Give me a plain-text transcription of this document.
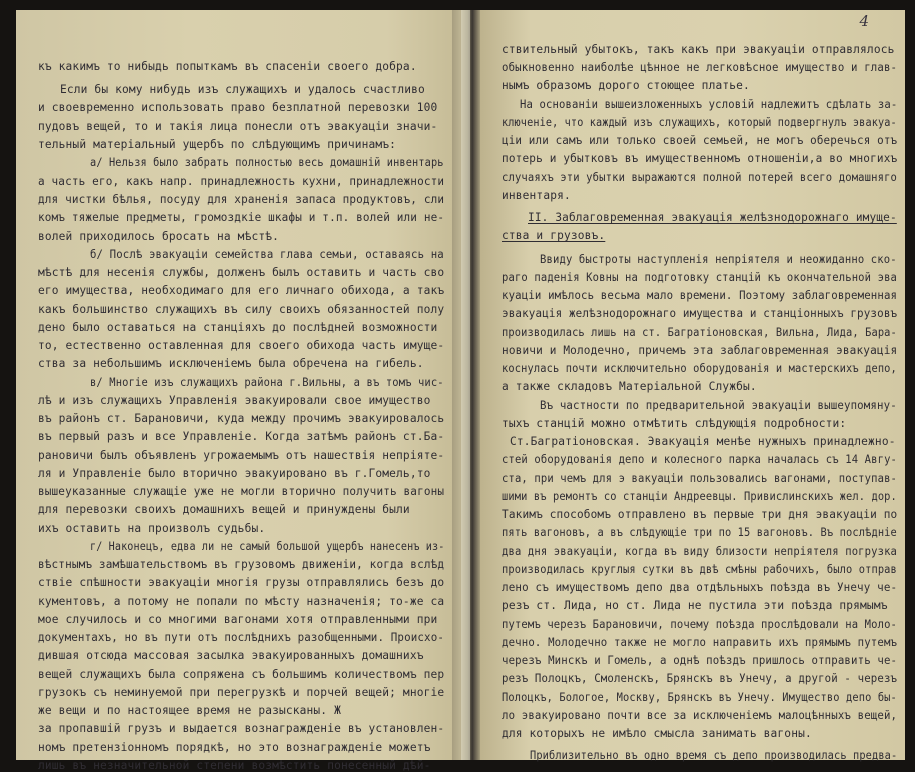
къ какимъ то нибыдь попыткамъ въ спасеніи своего добра.
Если бы кому нибудь изъ служащихъ и удалось счастливо
и своевременно использовать право безплатной перевозки 100
пудовъ вещей, то и такія лица понесли отъ эвакуаціи значи-
тельный матеріальный ущербъ по слѣдующимъ причинамъ:
а/ Нельзя было забрать полностью весь домашній инвентарь
а часть его, какъ напр. принадлежность кухни, принадлежности
для чистки бѣлья, посуду для храненія запаса продуктовъ, сли
комъ тяжелые предметы, громоздкіе шкафы и т.п. волей или не-
волей приходилось бросать на мѣстѣ.
б/ Послѣ эвакуаціи семейства глава семьи, оставаясь на
мѣстѣ для несенія службы, долженъ былъ оставить и часть сво
его имущества, необходимаго для его личнаго обихода, а такъ
какъ большинство служащихъ въ силу своихъ обязанностей полу
дено было оставаться на станціяхъ до послѣдней возможности
то, естественно оставленная для своего обихода часть имуще-
ства за небольшимъ исключеніемъ была обречена на гибель.
в/ Многіе изъ служащихъ района г.Вильны, а въ томъ чис-
лѣ и изъ служащихъ Управленія эвакуировали свое имущество
въ районъ ст. Барановичи, куда между прочимъ эвакуировалось
въ первый разъ и все Управленіе. Когда затѣмъ районъ ст.Ба-
рановичи былъ объявленъ угрожаемымъ отъ нашествія непріяте-
ля и Управленіе было вторично эвакуировано въ г.Гомель,то
вышеуказанные служащіе уже не могли вторично получить вагоны
для перевозки своихъ домашнихъ вещей и принуждены были
ихъ оставить на произволъ судьбы.
г/ Наконецъ, едва ли не самый большой ущербъ нанесенъ из-
вѣстнымъ замѣшательствомъ въ грузовомъ движеніи, когда вслѣд
ствіе спѣшности эвакуаціи многія грузы отправлялись безъ до
кументовъ, а потому не попали по мѣсту назначенія; то-же са
мое случилось и со многими вагонами хотя отправленными при
документахъ, но въ пути отъ послѣднихъ разобщенными. Происхо-
дившая отсюда массовая засылка эвакуированныхъ домашнихъ
вещей служащихъ была сопряжена съ большимъ количествомъ пер
грузокъ съ неминуемой при перегрузкѣ и порчей вещей; многіе
же вещи и по настоящее время не разысканы. Ж
за пропавшій грузъ и выдается вознагражденіе въ установлен-
номъ претензіонномъ порядкѣ, но это вознагражденіе можетъ
лишь въ незначительной степени возмѣстить понесенный дѣй-
4
ствительный убытокъ, такъ какъ при эвакуаціи отправлялось
обыкновенно наиболѣе цѣнное не легковѣсное имущество и глав-
нымъ образомъ дорого стоющее платье.
На основаніи вышеизложенныхъ условій надлежитъ сдѣлать за-
ключеніе, что каждый изъ служащихъ, который подвергнулъ эвакуа-
ціи или самъ или только своей семьей, не могъ оберечься отъ
потерь и убытковъ въ имущественномъ отношеніи,а во многихъ
случаяхъ эти убытки выражаются полной потерей всего домашняго
инвентаря.
II. Заблаговременная эвакуація желѣзнодорожнаго имуще-
ства и грузовъ.
Ввиду быстроты наступленія непріятеля и неожиданно ско-
раго паденія Ковны на подготовку станцій къ окончательной эва
куаціи имѣлось весьма мало времени. Поэтому заблаговременная
эвакуація желѣзнодорожнаго имущества и станціонныхъ грузовъ
производилась лишь на ст. Багратіоновская, Вильна, Лида, Бара-
новичи и Молодечно, причемъ эта заблаговременная эвакуація
коснулась почти исключительно оборудованія и мастерскихъ депо,
а также складовъ Матеріальной Службы.
Въ частности по предварительной эвакуаціи вышеупомяну-
тыхъ станцій можно отмѣтить слѣдующія подробности:
Ст.Багратіоновская. Эвакуація менѣе нужныхъ принадлежно-
стей оборудованія депо и колесного парка началась съ 14 Авгу-
ста, при чемъ для э вакуаціи пользовались вагонами, поступав-
шими въ ремонтъ со станціи Андреевцы. Привислинскихъ жел. дор.
Такимъ способомъ отправлено въ первые три дня эвакуаціи по
пять вагоновъ, а въ слѣдующіе три по 15 вагоновъ. Въ послѣдніе
два дня эвакуаціи, когда въ виду близости непріятеля погрузка
производилась круглыя сутки въ двѣ смѣны рабочихъ, было отправ
лено съ имуществомъ депо два отдѣльныхъ поѣзда въ Унечу че-
резъ ст. Лида, но ст. Лида не пустила эти поѣзда прямымъ
путемъ черезъ Барановичи, почему поѣзда прослѣдовали на Моло-
дечно. Молодечно также не могло направить ихъ прямымъ путемъ
черезъ Минскъ и Гомель, а однѣ поѣздъ пришлось отправить че-
резъ Полоцкъ, Смоленскъ, Брянскъ въ Унечу, а другой - черезъ
Полоцкъ, Бологое, Москву, Брянскъ въ Унечу. Имущество депо бы-
ло эвакуировано почти все за исключеніемъ малоцѣнныхъ вещей,
для которыхъ не имѣло смысла занимать вагоны.
Приблизительно въ одно время съ депо производилась предва-
